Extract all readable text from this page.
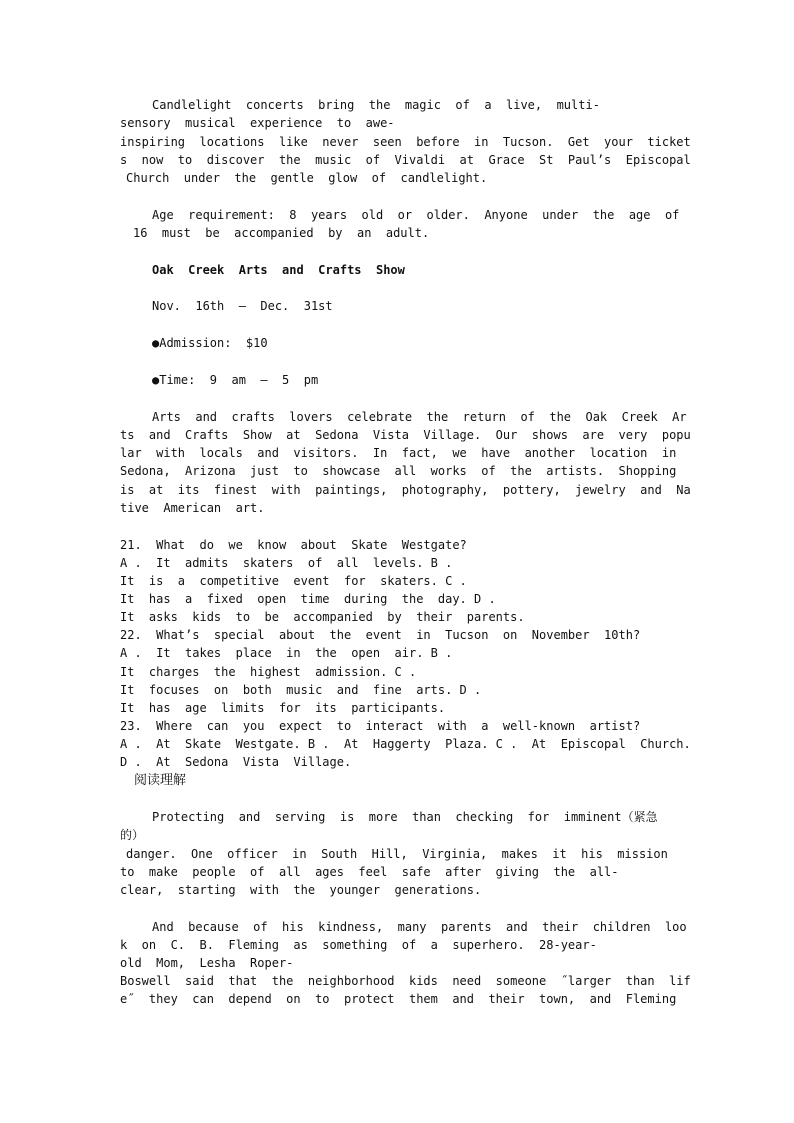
Candlelight  concerts  bring  the  magic  of  a  live,  multi-
sensory  musical  experience  to  awe-
inspiring  locations  like  never  seen  before  in  Tucson.  Get  your  ticket
s  now  to  discover  the  music  of  Vivaldi  at  Grace  St  Paul’s  Episcopal
Church  under  the  gentle  glow  of  candlelight.
Age  requirement:  8  years  old  or  older.  Anyone  under  the  age  of
16  must  be  accompanied  by  an  adult.
Oak  Creek  Arts  and  Crafts  Show
Nov.  16th  —  Dec.  31st
●Admission:  $10
●Time:  9  am  —  5  pm
Arts  and  crafts  lovers  celebrate  the  return  of  the  Oak  Creek  Ar
ts  and  Crafts  Show  at  Sedona  Vista  Village.  Our  shows  are  very  popu
lar  with  locals  and  visitors.  In  fact,  we  have  another  location  in
Sedona,  Arizona  just  to  showcase  all  works  of  the  artists.  Shopping
is  at  its  finest  with  paintings,  photography,  pottery,  jewelry  and  Na
tive  American  art.
21.  What  do  we  know  about  Skate  Westgate?
A .  It  admits  skaters  of  all  levels. B .
It  is  a  competitive  event  for  skaters. C .
It  has  a  fixed  open  time  during  the  day. D .
It  asks  kids  to  be  accompanied  by  their  parents.
22.  What’s  special  about  the  event  in  Tucson  on  November  10th?
A .  It  takes  place  in  the  open  air. B .
It  charges  the  highest  admission. C .
It  focuses  on  both  music  and  fine  arts. D .
It  has  age  limits  for  its  participants.
23.  Where  can  you  expect  to  interact  with  a  well-known  artist?
A .  At  Skate  Westgate. B .  At  Haggerty  Plaza. C .  At  Episcopal  Church.
D .  At  Sedona  Vista  Village.
阅读理解
Protecting  and  serving  is  more  than  checking  for  imminent（紧急
的）
danger.  One  officer  in  South  Hill,  Virginia,  makes  it  his  mission
to  make  people  of  all  ages  feel  safe  after  giving  the  all-
clear,  starting  with  the  younger  generations.
And  because  of  his  kindness,  many  parents  and  their  children  loo
k  on  C.  B.  Fleming  as  something  of  a  superhero.  28-year-
old  Mom,  Lesha  Roper-
Boswell  said  that  the  neighborhood  kids  need  someone  ˝larger  than  lif
e˝  they  can  depend  on  to  protect  them  and  their  town,  and  Fleming
